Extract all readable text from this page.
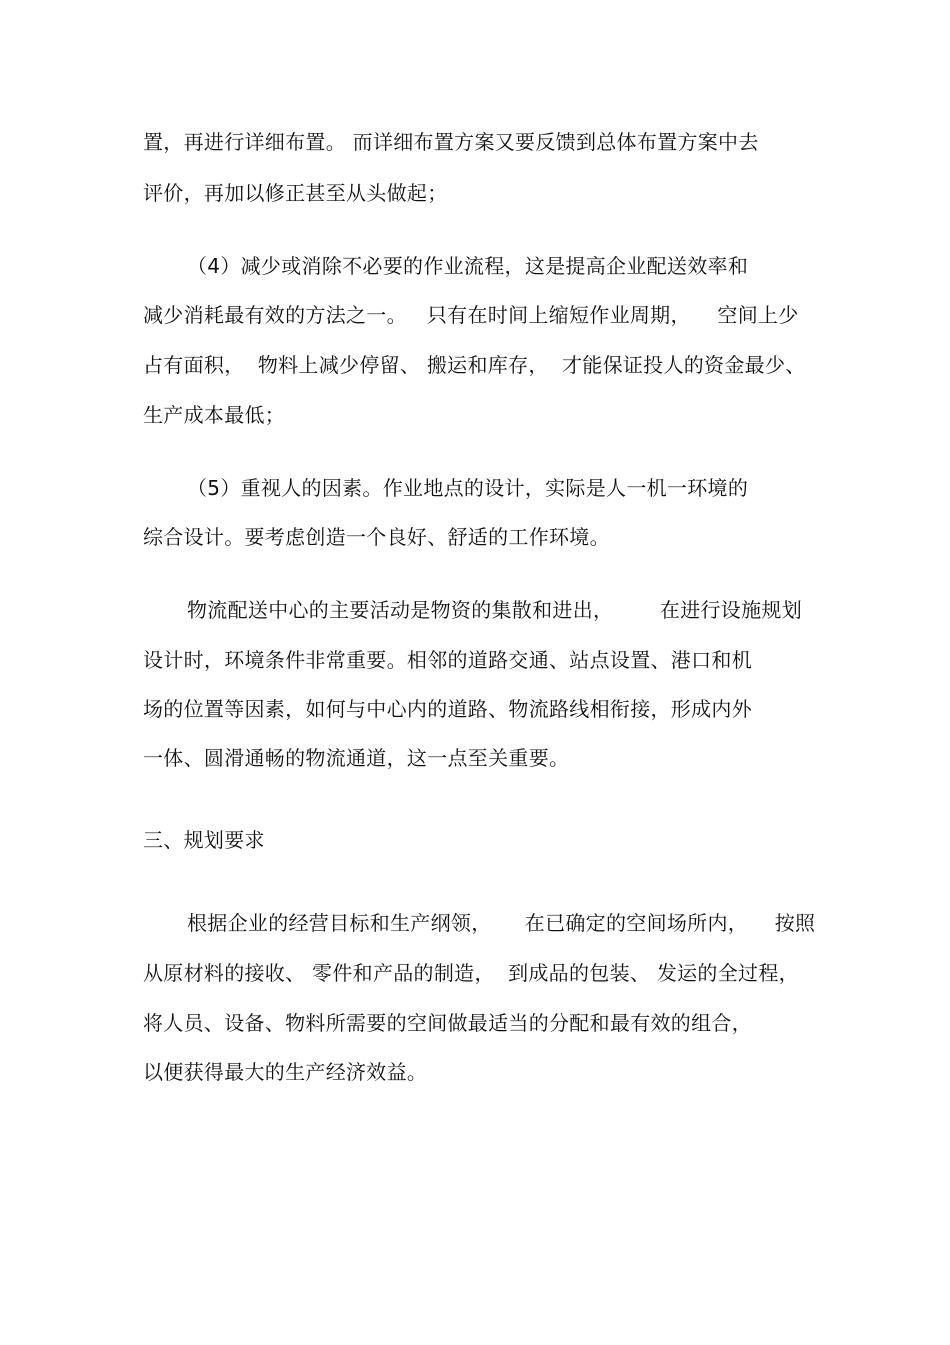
置，再进行详细布置。 而详细布置方案又要反馈到总体布置方案中去
评价，再加以修正甚至从头做起；
（4）减少或消除不必要的作业流程，这是提高企业配送效率和
减少消耗最有效的方法之一。   只有在时间上缩短作业周期，    空间上少
占有面积，  物料上减少停留、 搬运和库存，  才能保证投人的资金最少、
生产成本最低；
（5）重视人的因素。作业地点的设计，实际是人一机一环境的
综合设计。要考虑创造一个良好、舒适的工作环境。
物流配送中心的主要活动是物资的集散和进出，       在进行设施规划
设计时，环境条件非常重要。相邻的道路交通、站点设置、港口和机
场的位置等因素，如何与中心内的道路、物流路线相衔接，形成内外
一体、圆滑通畅的物流通道，这一点至关重要。
三、规划要求
根据企业的经营目标和生产纲领，     在已确定的空间场所内，    按照
从原材料的接收、 零件和产品的制造，  到成品的包装、 发运的全过程，
将人员、设备、物料所需要的空间做最适当的分配和最有效的组合，
以便获得最大的生产经济效益。
